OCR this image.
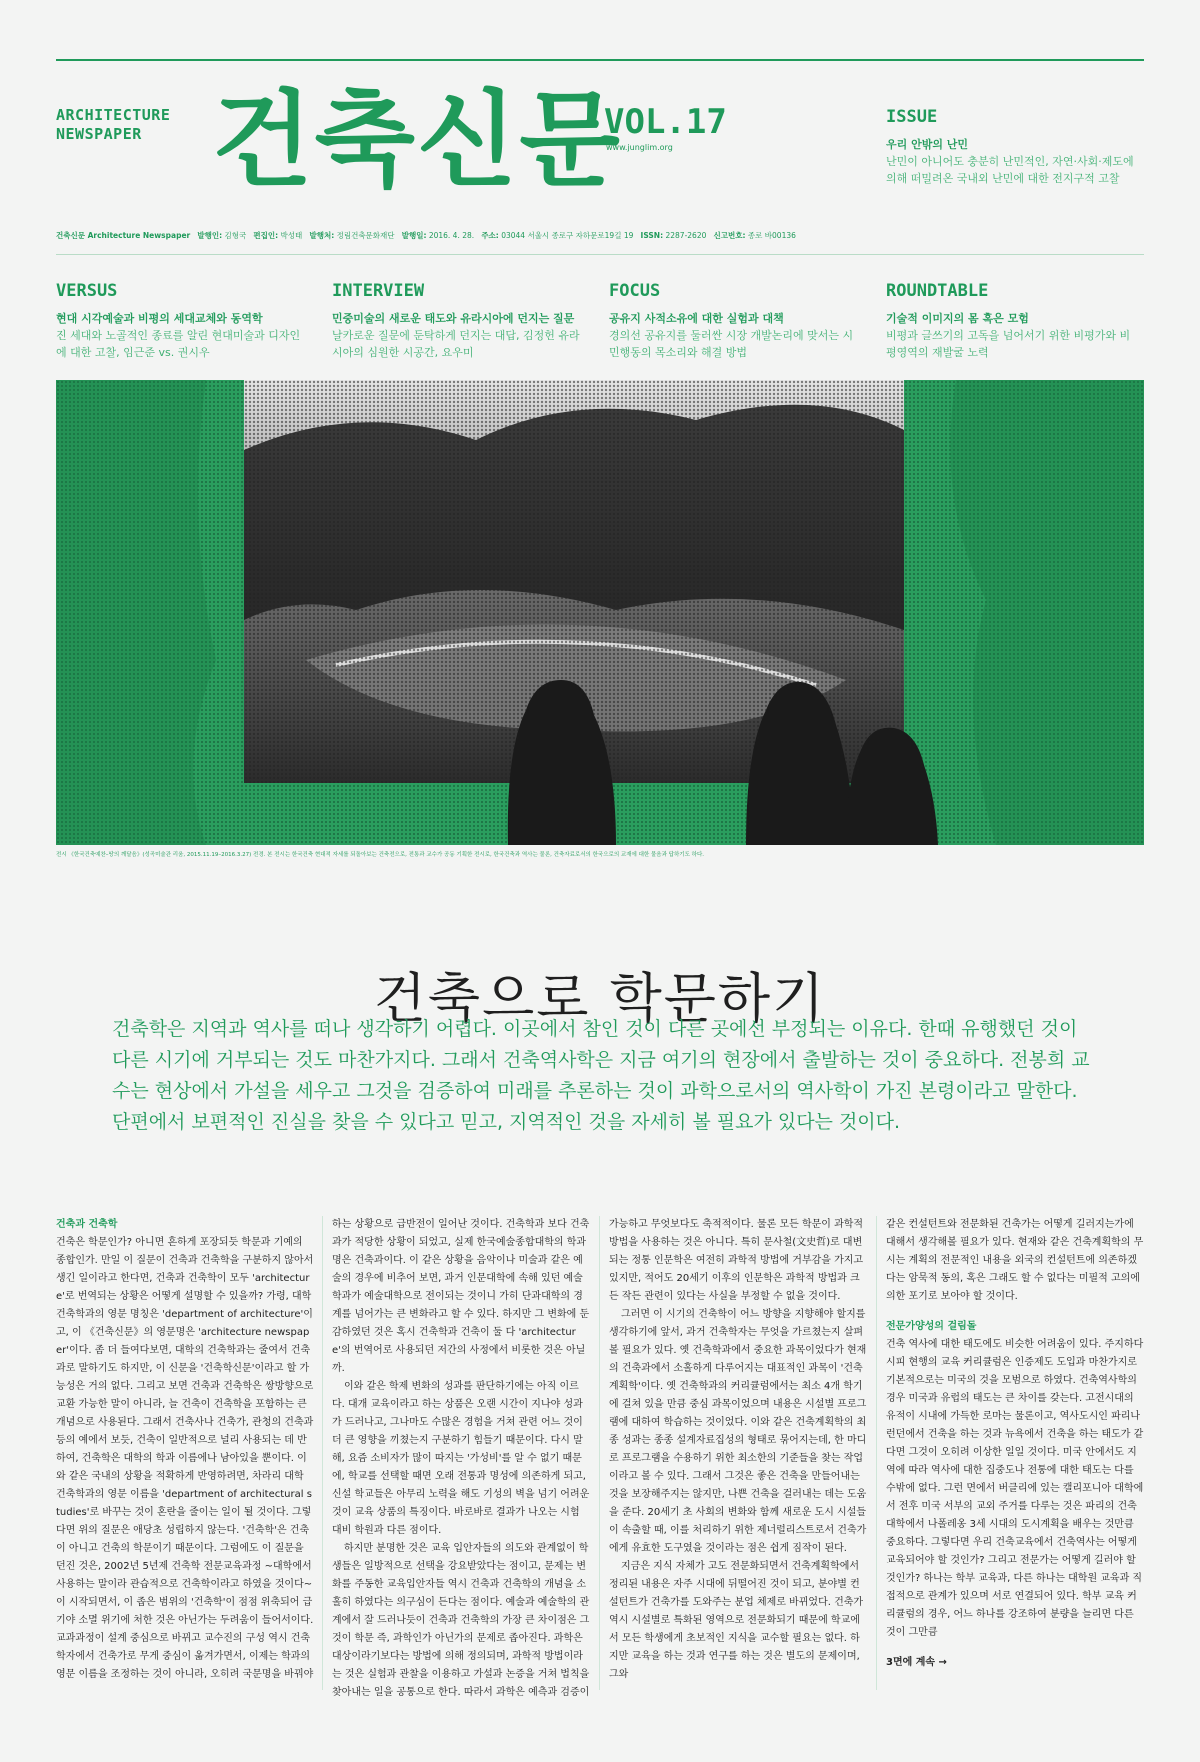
ARCHITECTURE
NEWSPAPER 건축신문
VOL.17
www.junglim.org
ISSUE
우리 안밖의 난민
난민이 아니어도 충분히 난민적인, 자연·사회·제도에 의해 떠밀려온 국내외 난민에 대한 전지구적 고찰
건축신문 Architecture Newspaper 발행인: 김형국 편집인: 박성태 발행처: 정림건축문화재단 발행일: 2016. 4. 28. 주소: 03044 서울시 종로구 자하문로19길 19 ISSN: 2287-2620 신고번호: 종로 바00136
VERSUS
현대 시각예술과 비평의 세대교체와 동역학
진 세대와 노골적인 종료를 알린 현대미술과 디자인에 대한 고찰, 임근준 vs. 권시우
INTERVIEW
민중미술의 새로운 태도와 유라시아에 던지는 질문
날카로운 질문에 둔탁하게 던지는 대답, 김정헌 유라시아의 심원한 시공간, 요우미
FOCUS
공유지 사적소유에 대한 실험과 대책
경의선 공유지를 둘러싼 시장 개발논리에 맞서는 시민행동의 목소리와 해결 방법
ROUNDTABLE
기술적 이미지의 몸 혹은 모험
비평과 글쓰기의 고독을 넘어서기 위한 비평가와 비평영역의 재발굴 노력
전시 《한국건축예찬–땅의 깨달음》(성곡미술관 리움, 2015.11.19–2016.3.27) 전경. 본 전시는 한국건축 현대적 자세를 되돌아보는 건축전으로, 전통과 교수가 공동 기획한 전시로, 한국건축과 역사는 물론, 건축자료로서의 한국으로의 교재에 대한 물음과 답하기도 하다.
건축으로 학문하기
건축학은 지역과 역사를 떠나 생각하기 어렵다. 이곳에서 참인 것이 다른 곳에선 부정되는 이유다. 한때 유행했던 것이 다른 시기에 거부되는 것도 마찬가지다. 그래서 건축역사학은 지금 여기의 현장에서 출발하는 것이 중요하다. 전봉희 교수는 현상에서 가설을 세우고 그것을 검증하여 미래를 추론하는 것이 과학으로서의 역사학이 가진 본령이라고 말한다. 단편에서 보편적인 진실을 찾을 수 있다고 믿고, 지역적인 것을 자세히 볼 필요가 있다는 것이다.
건축과 건축학

건축은 학문인가? 아니면 흔하게 포장되듯 학문과 기예의 종합인가. 만일 이 질문이 건축과 건축학을 구분하지 않아서 생긴 일이라고 한다면, 건축과 건축학이 모두 'architecture'로 번역되는 상황은 어떻게 설명할 수 있을까? 가령, 대학 건축학과의 영문 명칭은 'department of architecture'이고, 이 《건축신문》의 영문명은 'architecture newspaper'이다. 좀 더 들여다보면, 대학의 건축학과는 줄여서 건축과로 말하기도 하지만, 이 신문을 '건축학신문'이라고 할 가능성은 거의 없다. 그리고 보면 건축과 건축학은 쌍방향으로 교환 가능한 말이 아니라, 늘 건축이 건축학을 포함하는 큰 개념으로 사용된다. 그래서 건축사나 건축가, 관청의 건축과 등의 예에서 보듯, 건축이 일반적으로 널리 사용되는 데 반하여, 건축학은 대학의 학과 이름에나 남아있을 뿐이다. 이와 같은 국내의 상황을 적확하게 반영하려면, 차라리 대학 건축학과의 영문 이름을 'department of architectural studies'로 바꾸는 것이 혼란을 줄이는 일이 될 것이다. 그렇다면 위의 질문은 애당초 성립하지 않는다. '건축학'은 건축이 아니고 건축의 학문이기 때문이다. 그럼에도 이 질문을 던진 것은, 2002년 5년제 건축학 전문교육과정 ~대학에서 사용하는 말이라 관습적으로 건축학이라고 하였을 것이다~ 이 시작되면서, 이 좁은 범위의 '건축학'이 점점 위축되어 급기야 소멸 위기에 처한 것은 아닌가는 두려움이 들어서이다. 교과과정이 설계 중심으로 바뀌고 교수진의 구성 역시 건축학자에서 건축가로 무게 중심이 옮겨가면서, 이제는 학과의 영문 이름을 조정하는 것이 아니라, 오히려 국문명을 바꿔야

하는 상황으로 급반전이 일어난 것이다. 건축학과 보다 건축과가 적당한 상황이 되었고, 실제 한국예술종합대학의 학과명은 건축과이다. 이 같은 상황을 음악이나 미술과 같은 예술의 경우에 비추어 보면, 과거 인문대학에 속해 있던 예술학과가 예술대학으로 전이되는 것이니 가히 단과대학의 경계를 넘어가는 큰 변화라고 할 수 있다. 하지만 그 변화에 둔감하였던 것은 혹시 건축학과 건축이 둘 다 'architecture'의 번역어로 사용되던 저간의 사정에서 비롯한 것은 아닐까.

이와 같은 학제 변화의 성과를 판단하기에는 아직 이르다. 대개 교육이라고 하는 상품은 오랜 시간이 지나야 성과가 드러나고, 그나마도 수많은 경험을 거쳐 관련 어느 것이 더 큰 영향을 끼쳤는지 구분하기 힘들기 때문이다. 다시 말해, 요즘 소비자가 많이 따지는 '가성비'를 알 수 없기 때문에, 학교를 선택할 때면 오래 전통과 명성에 의존하게 되고, 신설 학교들은 아무리 노력을 해도 기성의 벽을 넘기 어려운 것이 교육 상품의 특징이다. 바로바로 결과가 나오는 시험 대비 학원과 다른 점이다.

하지만 분명한 것은 교육 입안자들의 의도와 관계없이 학생들은 일방적으로 선택을 강요받았다는 점이고, 문제는 변화를 주동한 교육입안자들 역시 건축과 건축학의 개념을 소홀히 하였다는 의구심이 든다는 점이다. 예술과 예술학의 관계에서 잘 드러나듯이 건축과 건축학의 가장 큰 차이점은 그것이 학문 즉, 과학인가 아닌가의 문제로 좁아진다. 과학은 대상이라기보다는 방법에 의해 정의되며, 과학적 방법이라는 것은 실험과 관찰을 이용하고 가설과 논증을 거쳐 법칙을 찾아내는 일을 공통으로 한다. 따라서 과학은 예측과 검증이

가능하고 무엇보다도 축적적이다. 물론 모든 학문이 과학적 방법을 사용하는 것은 아니다. 특히 문사철(文史哲)로 대변되는 정통 인문학은 여전히 과학적 방법에 거부감을 가지고 있지만, 적어도 20세기 이후의 인문학은 과학적 방법과 크든 작든 관련이 있다는 사실을 부정할 수 없을 것이다.

그러면 이 시기의 건축학이 어느 방향을 지향해야 할지를 생각하기에 앞서, 과거 건축학자는 무엇을 가르쳤는지 살펴볼 필요가 있다. 옛 건축학과에서 중요한 과목이었다가 현재의 건축과에서 소홀하게 다루어지는 대표적인 과목이 '건축계획학'이다. 옛 건축학과의 커리큘럼에서는 최소 4개 학기에 걸쳐 있을 만큼 중심 과목이었으며 내용은 시설별 프로그램에 대하여 학습하는 것이었다. 이와 같은 건축계획학의 최종 성과는 종종 설계자료집성의 형태로 묶어지는데, 한 마디로 프로그램을 수용하기 위한 최소한의 기준들을 찾는 작업이라고 볼 수 있다. 그래서 그것은 좋은 건축을 만들어내는 것을 보장해주지는 않지만, 나쁜 건축을 걸러내는 데는 도움을 준다. 20세기 초 사회의 변화와 함께 새로운 도시 시설들이 속출할 때, 이를 처리하기 위한 제너럴리스트로서 건축가에게 유효한 도구였을 것이라는 점은 쉽게 짐작이 된다.

지금은 지식 자체가 고도 전문화되면서 건축계획학에서 정리된 내용은 자주 시대에 뒤떨어진 것이 되고, 분야별 컨설턴트가 건축가를 도와주는 분업 체제로 바뀌었다. 건축가 역시 시설별로 특화된 영역으로 전문화되기 때문에 학교에서 모든 학생에게 초보적인 지식을 교수할 필요는 없다. 하지만 교육을 하는 것과 연구를 하는 것은 별도의 문제이며, 그와

같은 컨설턴트와 전문화된 건축가는 어떻게 길러지는가에 대해서 생각해볼 필요가 있다. 현재와 같은 건축계획학의 무시는 계획의 전문적인 내용을 외국의 컨설턴트에 의존하겠다는 암묵적 동의, 혹은 그래도 할 수 없다는 미필적 고의에 의한 포기로 보아야 할 것이다.

전문가양성의 걸림돌

건축 역사에 대한 태도에도 비슷한 어려움이 있다. 주지하다시피 현행의 교육 커리큘럼은 인증제도 도입과 마찬가지로 기본적으로는 미국의 것을 모범으로 하였다. 건축역사학의 경우 미국과 유럽의 태도는 큰 차이를 갖는다. 고전시대의 유적이 시내에 가득한 로마는 물론이고, 역사도시인 파리나 런던에서 건축을 하는 것과 뉴욕에서 건축을 하는 태도가 같다면 그것이 오히려 이상한 일일 것이다. 미국 안에서도 지역에 따라 역사에 대한 집중도나 전통에 대한 태도는 다를 수밖에 없다. 그런 면에서 버클리에 있는 캘리포니아 대학에서 전후 미국 서부의 교외 주거를 다루는 것은 파리의 건축대학에서 나폴레옹 3세 시대의 도시계획을 배우는 것만큼 중요하다. 그렇다면 우리 건축교육에서 건축역사는 어떻게 교육되어야 할 것인가? 그리고 전문가는 어떻게 길러야 할 것인가? 하나는 학부 교육과, 다른 하나는 대학원 교육과 직접적으로 관계가 있으며 서로 연결되어 있다. 학부 교육 커리큘럼의 경우, 어느 하나를 강조하여 분량을 늘리면 다른 것이 그만큼

3면에 계속 →
